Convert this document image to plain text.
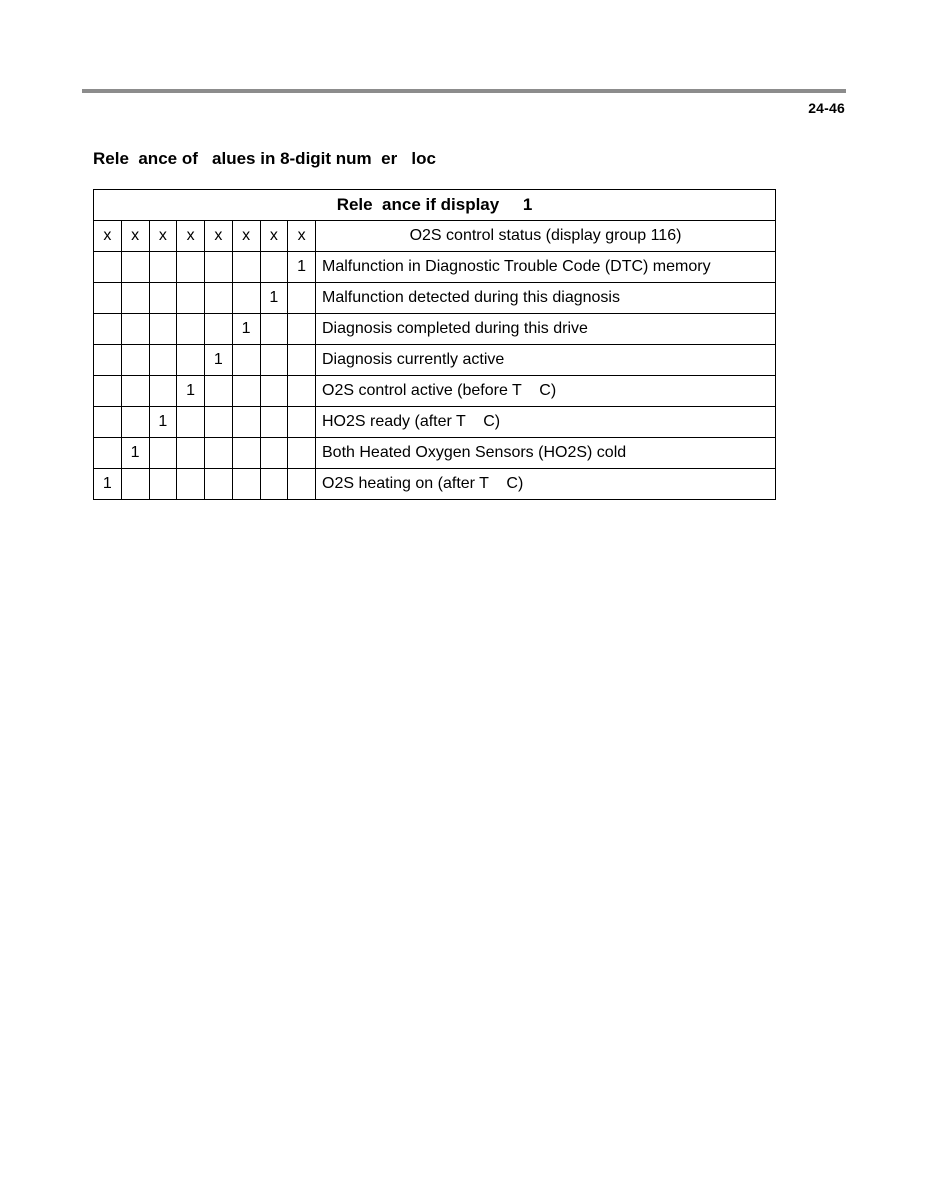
24-46
Rele  ance of   alues in 8-digit num  er   loc
Rele  ance if display     1								
x	x	x	x	x	x	x	x	O2S control status (display group 116)
							1	Malfunction in Diagnostic Trouble Code (DTC) memory
						1		Malfunction detected during this diagnosis
					1			Diagnosis completed during this drive
				1				Diagnosis currently active
			1					O2S control active (before T    C)
		1						HO2S ready (after T    C)
	1							Both Heated Oxygen Sensors (HO2S) cold
1								O2S heating on (after T    C)
